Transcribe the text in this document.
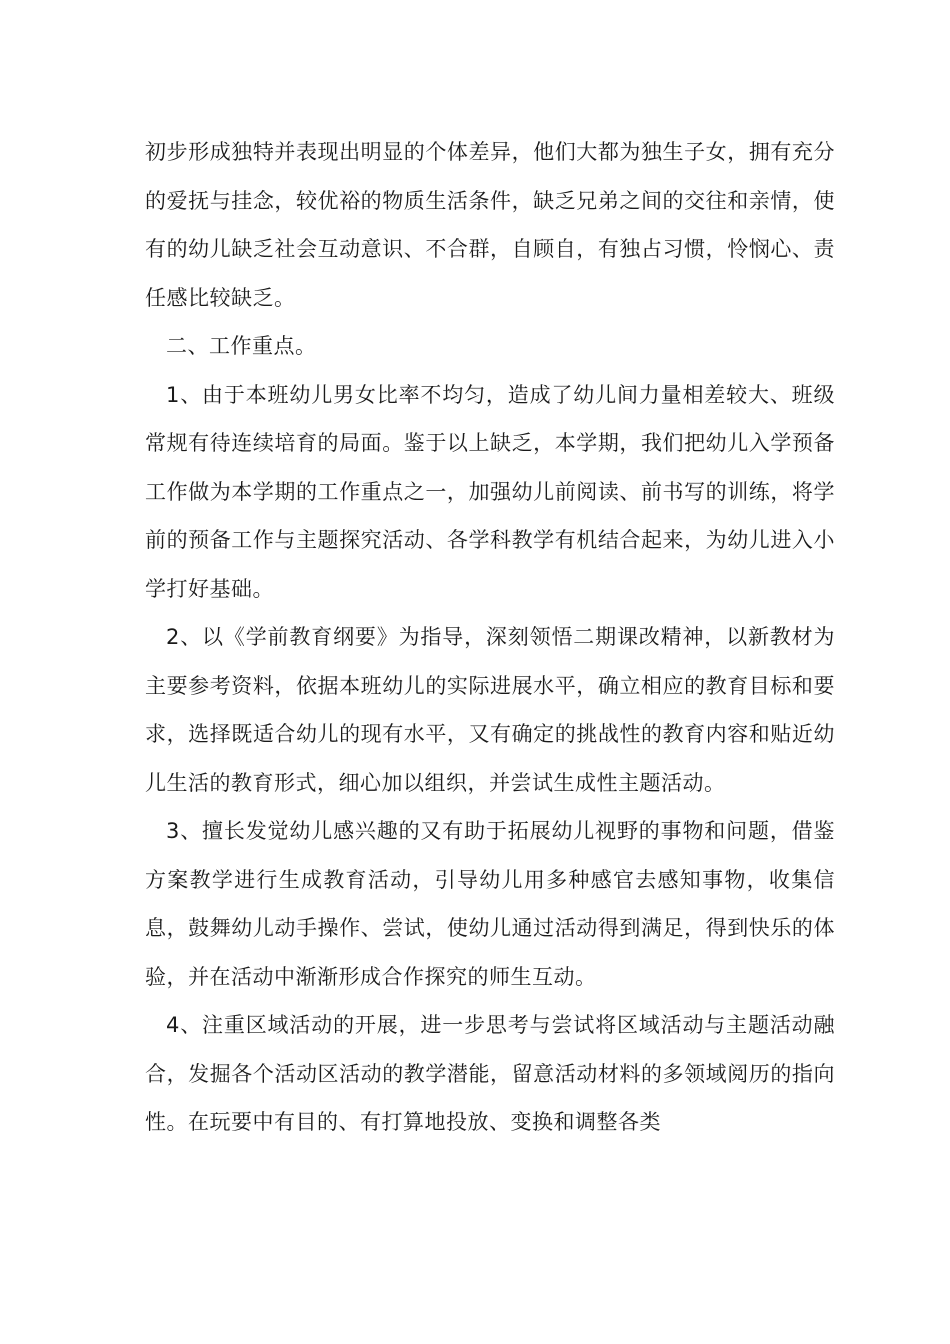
初步形成独特并表现出明显的个体差异，他们大都为独生子女，拥有充分的爱抚与挂念，较优裕的物质生活条件，缺乏兄弟之间的交往和亲情，使有的幼儿缺乏社会互动意识、不合群，自顾自，有独占习惯，怜悯心、责任感比较缺乏。

二、工作重点。

1、由于本班幼儿男女比率不均匀，造成了幼儿间力量相差较大、班级常规有待连续培育的局面。鉴于以上缺乏，本学期，我们把幼儿入学预备工作做为本学期的工作重点之一，加强幼儿前阅读、前书写的训练，将学前的预备工作与主题探究活动、各学科教学有机结合起来，为幼儿进入小学打好基础。

2、以《学前教育纲要》为指导，深刻领悟二期课改精神，以新教材为主要参考资料，依据本班幼儿的实际进展水平，确立相应的教育目标和要求，选择既适合幼儿的现有水平，又有确定的挑战性的教育内容和贴近幼儿生活的教育形式，细心加以组织，并尝试生成性主题活动。

3、擅长发觉幼儿感兴趣的又有助于拓展幼儿视野的事物和问题，借鉴方案教学进行生成教育活动，引导幼儿用多种感官去感知事物，收集信息，鼓舞幼儿动手操作、尝试，使幼儿通过活动得到满足，得到快乐的体验，并在活动中渐渐形成合作探究的师生互动。

4、注重区域活动的开展，进一步思考与尝试将区域活动与主题活动融合，发掘各个活动区活动的教学潜能，留意活动材料的多领域阅历的指向性。在玩要中有目的、有打算地投放、变换和调整各类
